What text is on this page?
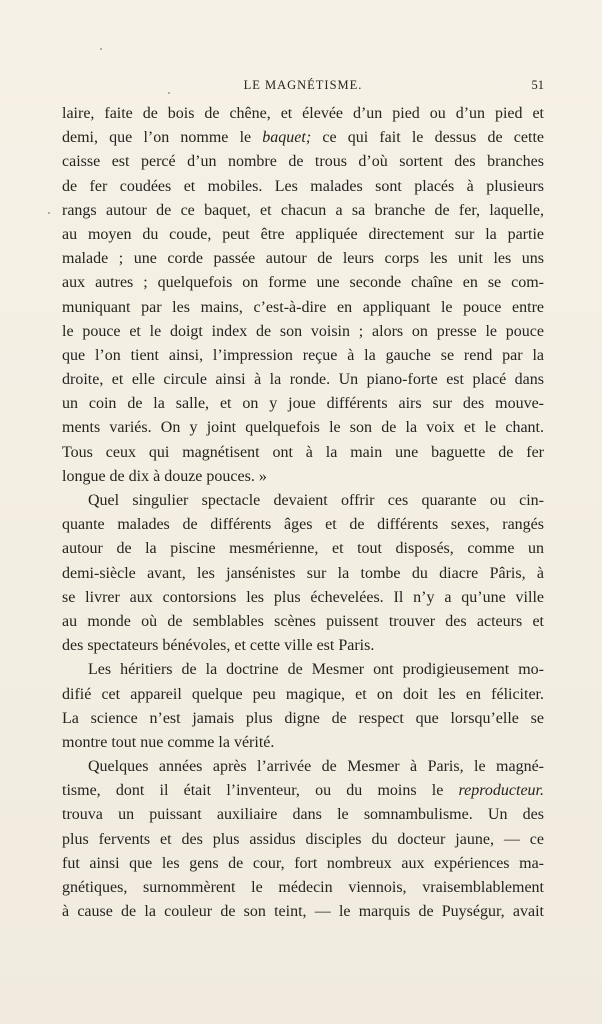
LE MAGNÉTISME.	51
laire, faite de bois de chêne, et élevée d’un pied ou d’un pied et
demi, que l’on nomme le baquet; ce qui fait le dessus de cette
caisse est percé d’un nombre de trous d’où sortent des branches
de fer coudées et mobiles. Les malades sont placés à plusieurs
rangs autour de ce baquet, et chacun a sa branche de fer, laquelle,
au moyen du coude, peut être appliquée directement sur la partie
malade ; une corde passée autour de leurs corps les unit les uns
aux autres ; quelquefois on forme une seconde chaîne en se com-
muniquant par les mains, c’est-à-dire en appliquant le pouce entre
le pouce et le doigt index de son voisin ; alors on presse le pouce
que l’on tient ainsi, l’impression reçue à la gauche se rend par la
droite, et elle circule ainsi à la ronde. Un piano-forte est placé dans
un coin de la salle, et on y joue différents airs sur des mouve-
ments variés. On y joint quelquefois le son de la voix et le chant.
Tous ceux qui magnétisent ont à la main une baguette de fer
longue de dix à douze pouces. »
Quel singulier spectacle devaient offrir ces quarante ou cin-
quante malades de différents âges et de différents sexes, rangés
autour de la piscine mesmérienne, et tout disposés, comme un
demi-siècle avant, les jansénistes sur la tombe du diacre Pâris, à
se livrer aux contorsions les plus échevelées. Il n’y a qu’une ville
au monde où de semblables scènes puissent trouver des acteurs et
des spectateurs bénévoles, et cette ville est Paris.
Les héritiers de la doctrine de Mesmer ont prodigieusement mo-
difié cet appareil quelque peu magique, et on doit les en féliciter.
La science n’est jamais plus digne de respect que lorsqu’elle se
montre tout nue comme la vérité.
Quelques années après l’arrivée de Mesmer à Paris, le magné-
tisme, dont il était l’inventeur, ou du moins le reproducteur.
trouva un puissant auxiliaire dans le somnambulisme. Un des
plus fervents et des plus assidus disciples du docteur jaune, — ce
fut ainsi que les gens de cour, fort nombreux aux expériences ma-
gnétiques, surnommèrent le médecin viennois, vraisemblablement
à cause de la couleur de son teint, — le marquis de Puységur, avait
